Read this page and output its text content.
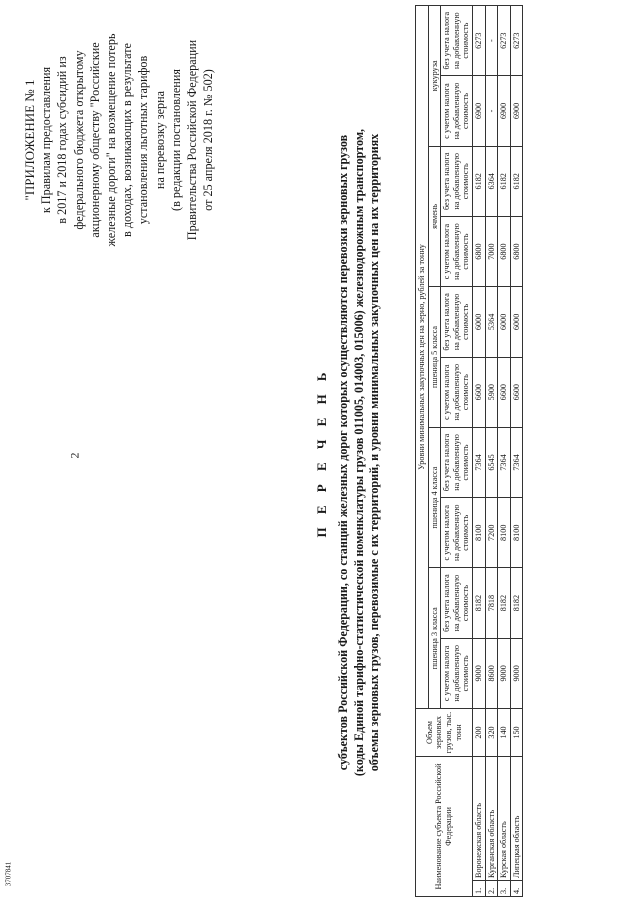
2
3707841
"ПРИЛОЖЕНИЕ № 1 к Правилам предоставления в 2017 и 2018 годах субсидий из федерального бюджета открытому акционерному обществу "Российские железные дороги" на возмещение потерь в доходах, возникающих в результате установления льготных тарифов на перевозку зерна (в редакции постановления Правительства Российской Федерации от 25 апреля 2018 г. № 502)
П Е Р Е Ч Е Н Ь субъектов Российской Федерации, со станций железных дорог которых осуществляются перевозки зерновых грузов (коды Единой тарифно-статистической номенклатуры грузов 011005, 014003, 015006) железнодорожным транспортом, объемы зерновых грузов, перевозимые с их территорий, и уровни минимальных закупочных цен на их территориях
Наименование субъекта Российской Федерации		Объем зерновых грузов, тыс. тонн	Уровни минимальных закупочных цен на зерно, рублей за тонну									
			пшеница 3 класса		пшеница 4 класса		пшеница 5 класса		ячмень		кукуруза	
			с учетом налога на добавленную стоимость	без учета налога на добавленную стоимость	с учетом налога на добавленную стоимость	без учета налога на добавленную стоимость	с учетом налога на добавленную стоимость	без учета налога на добавленную стоимость	с учетом налога на добавленную стоимость	без учета налога на добавленную стоимость	с учетом налога на добавленную стоимость	без учета налога на добавленную стоимость
1.	Воронежская область	200	9000	8182	8100	7364	6600	6000	6800	6182	6900	6273
2.	Курганская область	320	8600	7818	7200	6545	5900	5364	7000	6364	-	-
3.	Курская область	140	9000	8182	8100	7364	6600	6000	6800	6182	6900	6273
4.	Липецкая область	150	9000	8182	8100	7364	6600	6000	6800	6182	6900	6273
